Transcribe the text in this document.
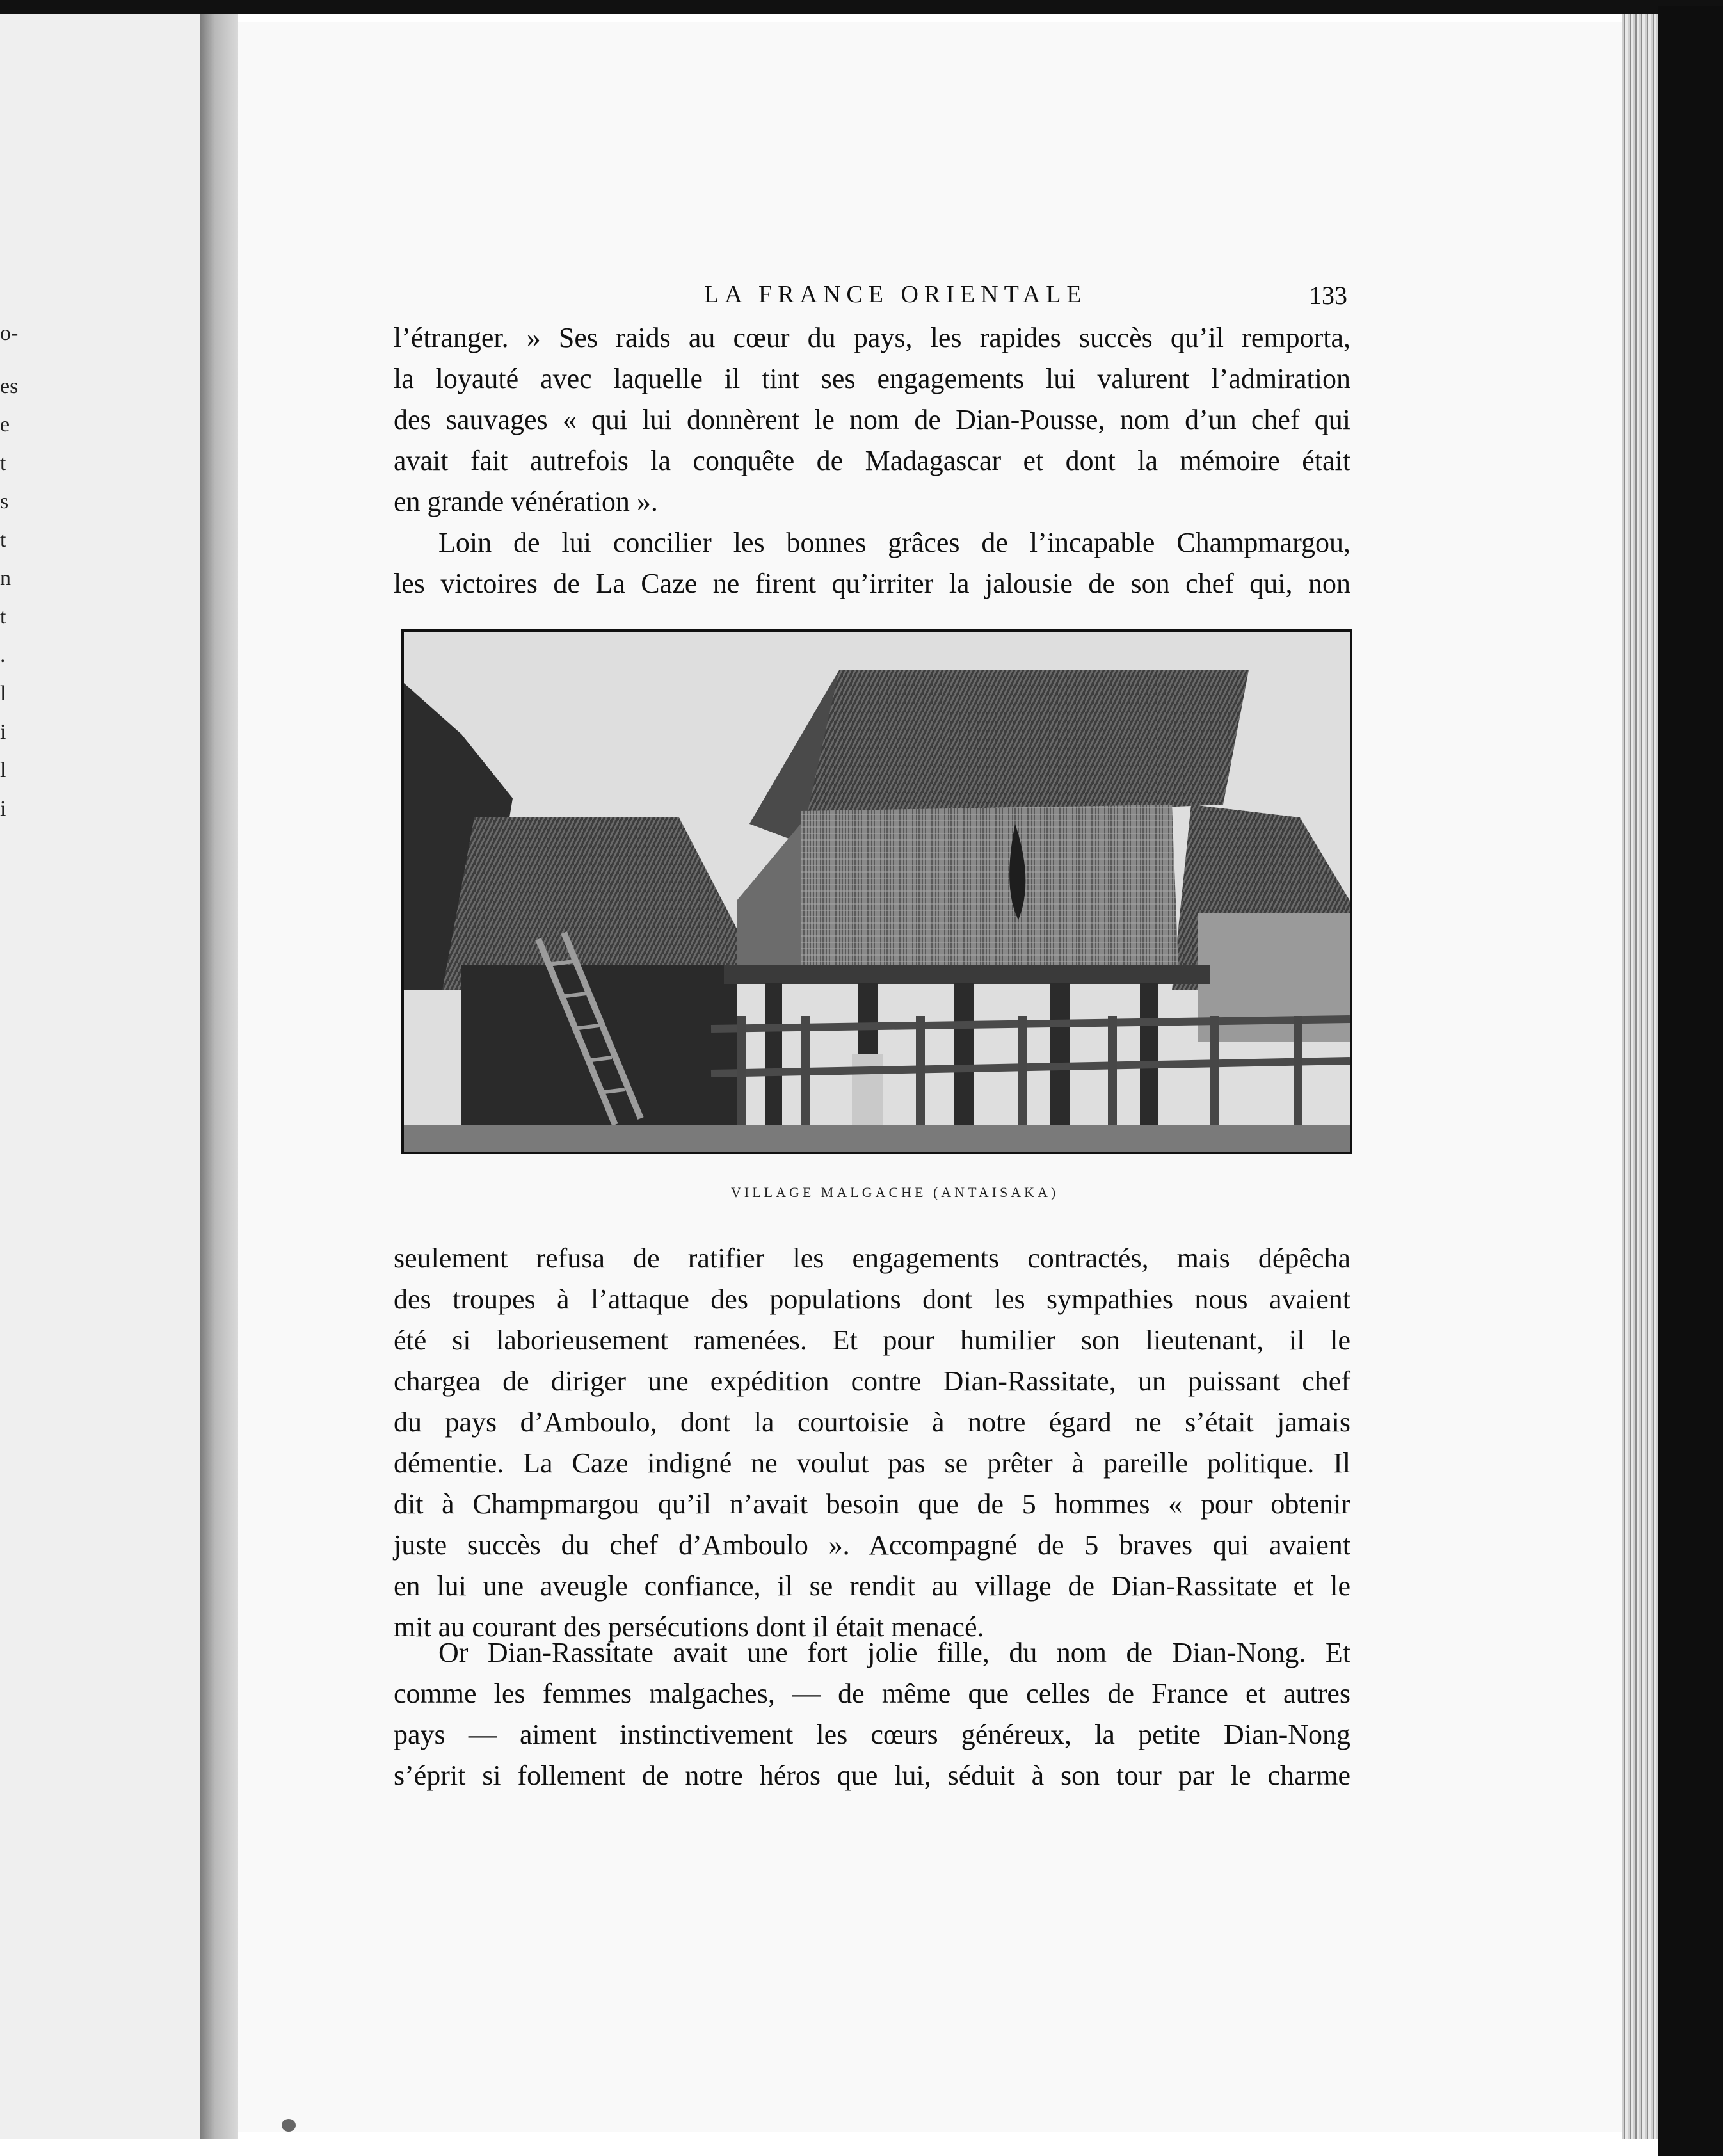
o-
es
e
t
s
t
n
t
.
l
i
l
i
LA FRANCE ORIENTALE	133
l’étranger. » Ses raids au cœur du pays, les rapides succès qu’il remporta,
la loyauté avec laquelle il tint ses engagements lui valurent l’admiration
des sauvages « qui lui donnèrent le nom de Dian-Pousse, nom d’un chef qui
avait fait autrefois la conquête de Madagascar et dont la mémoire était
en grande vénération ».
Loin de lui concilier les bonnes grâces de l’incapable Champmargou,
les victoires de La Caze ne firent qu’irriter la jalousie de son chef qui, non
VILLAGE MALGACHE (ANTAISAKA)
seulement refusa de ratifier les engagements contractés, mais dépêcha
des troupes à l’attaque des populations dont les sympathies nous avaient
été si laborieusement ramenées. Et pour humilier son lieutenant, il le
chargea de diriger une expédition contre Dian-Rassitate, un puissant chef
du pays d’Amboulo, dont la courtoisie à notre égard ne s’était jamais
démentie. La Caze indigné ne voulut pas se prêter à pareille politique. Il
dit à Champmargou qu’il n’avait besoin que de 5 hommes « pour obtenir
juste succès du chef d’Amboulo ». Accompagné de 5 braves qui avaient
en lui une aveugle confiance, il se rendit au village de Dian-Rassitate et le
mit au courant des persécutions dont il était menacé.
Or Dian-Rassitate avait une fort jolie fille, du nom de Dian-Nong. Et
comme les femmes malgaches, — de même que celles de France et autres
pays — aiment instinctivement les cœurs généreux, la petite Dian-Nong
s’éprit si follement de notre héros que lui, séduit à son tour par le charme
